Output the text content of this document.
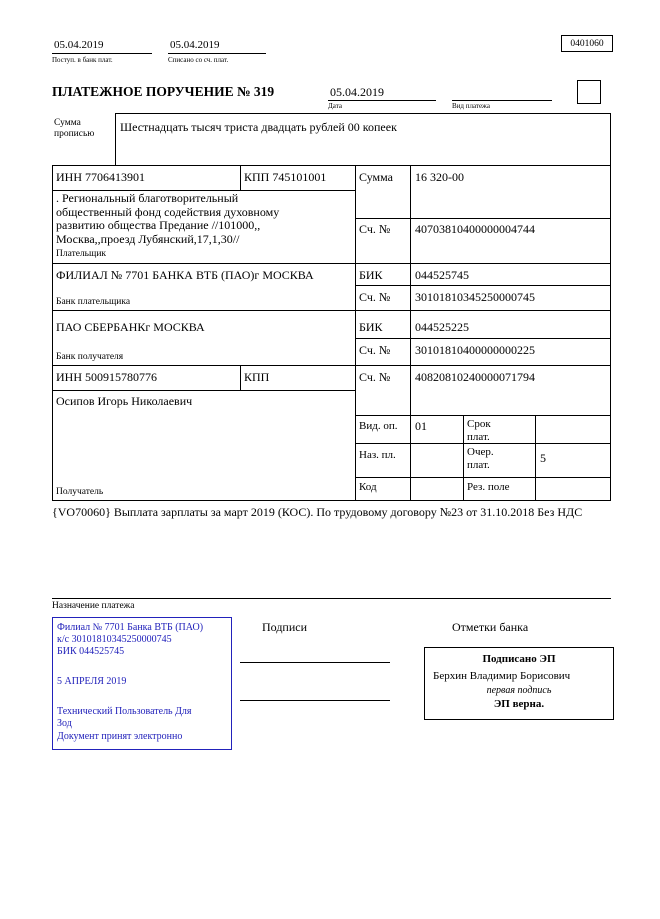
05.04.2019
Поступ. в банк плат.
05.04.2019
Списано со сч. плат.
0401060
ПЛАТЕЖНОЕ ПОРУЧЕНИЕ № 319	05.04.2019
Дата	Вид платежа
Сумма прописью	Шестнадцать тысяч триста двадцать рублей 00 копеек
ИНН 7706413901	КПП 745101001	Сумма 16 320-00
. Региональный благотворительный общественный фонд содействия духовному развитию общества Предание //101000,, Москва,,проезд Лубянский,17,1,30//
Плательщик
Сч. № 40703810400000004744
ФИЛИАЛ № 7701 БАНКА ВТБ (ПАО)г МОСКВА
Банк плательщика
БИК	044525745
Сч. № 30101810345250000745
ПАО СБЕРБАНКг МОСКВА
Банк получателя
БИК	044525225
Сч. № 30101810400000000225
ИНН 500915780776	КПП	Сч. № 40820810240000071794
Осипов Игорь Николаевич
Получатель
Вид. оп. 01	Срок плат.
Наз. пл.	Очер. плат.	5
Код	Рез. поле
{VO70060} Выплата зарплаты за март 2019 (КОС). По трудовому договору №23 от 31.10.2018 Без НДС
Назначение платежа
Подписи	Отметки банка
Филиал № 7701 Банка ВТБ (ПАО)
к/с 30101810345250000745
БИК 044525745
5 АПРЕЛЯ 2019
Технический Пользователь Для
Зод
Документ принят электронно
Подписано ЭП
Берхин Владимир Борисович
первая подпись
ЭП верна.
